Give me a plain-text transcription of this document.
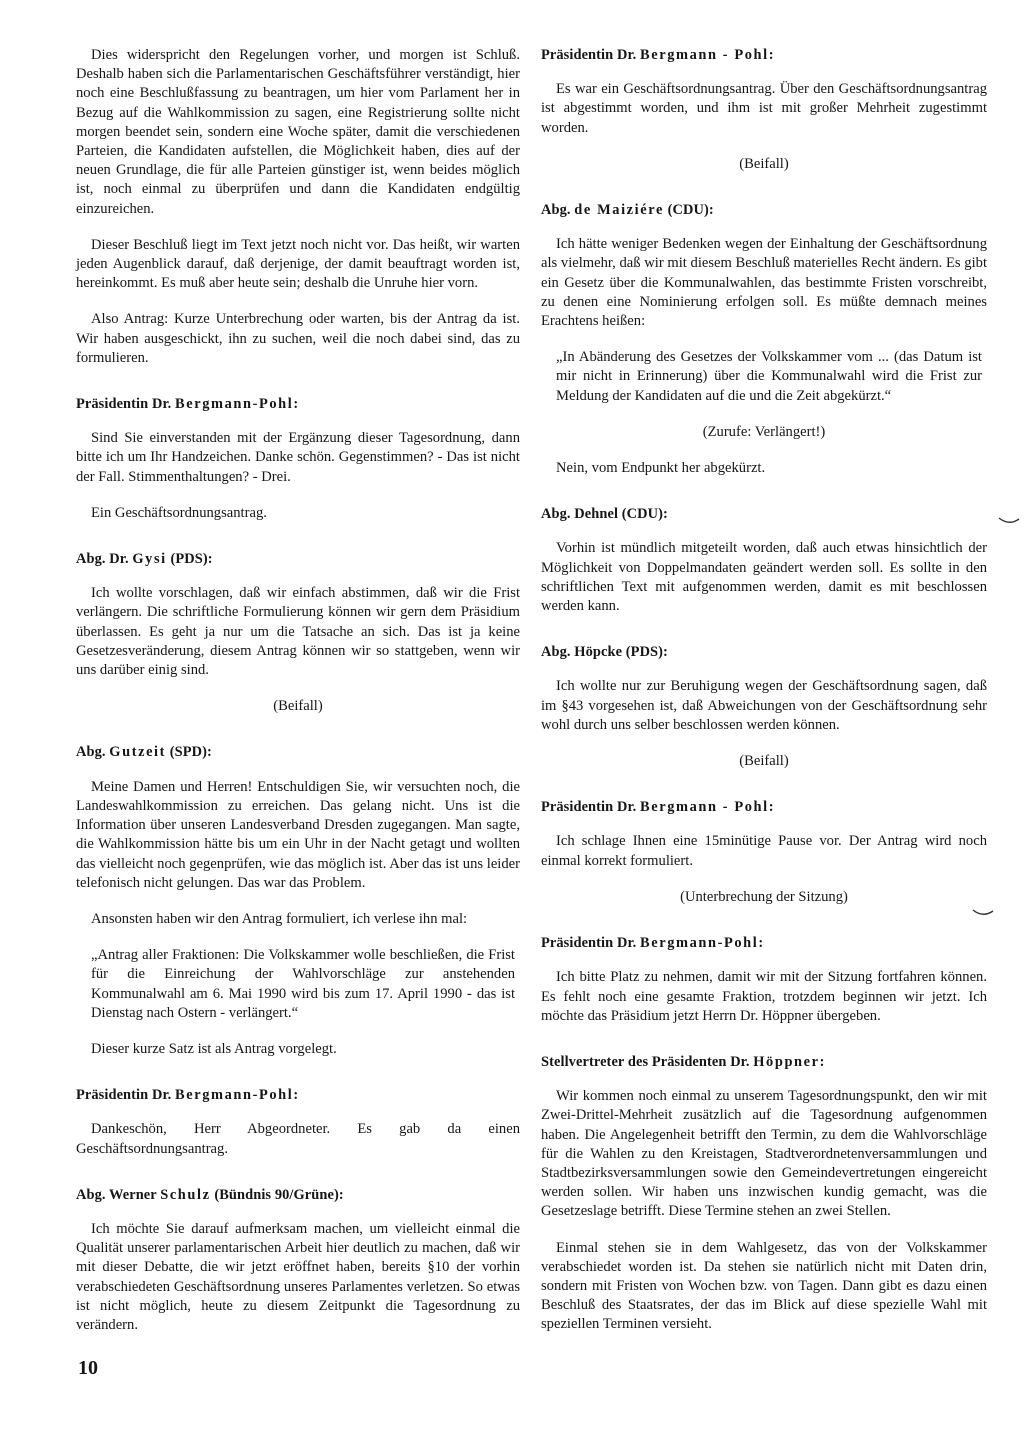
Dies widerspricht den Regelungen vorher, und morgen ist Schluß. Deshalb haben sich die Parlamentarischen Geschäftsführer verständigt, hier noch eine Beschlußfassung zu beantragen, um hier vom Parlament her in Bezug auf die Wahlkommission zu sagen, eine Registrierung sollte nicht morgen beendet sein, sondern eine Woche später, damit die verschiedenen Parteien, die Kandidaten aufstellen, die Möglichkeit haben, dies auf der neuen Grundlage, die für alle Parteien günstiger ist, wenn beides möglich ist, noch einmal zu überprüfen und dann die Kandidaten endgültig einzureichen.

Dieser Beschluß liegt im Text jetzt noch nicht vor. Das heißt, wir warten jeden Augenblick darauf, daß derjenige, der damit beauftragt worden ist, hereinkommt. Es muß aber heute sein; deshalb die Unruhe hier vorn.

Also Antrag: Kurze Unterbrechung oder warten, bis der Antrag da ist. Wir haben ausgeschickt, ihn zu suchen, weil die noch dabei sind, das zu formulieren.

Präsidentin Dr. Bergmann-Pohl:

Sind Sie einverstanden mit der Ergänzung dieser Tagesordnung, dann bitte ich um Ihr Handzeichen. Danke schön. Gegenstimmen? - Das ist nicht der Fall. Stimmenthaltungen? - Drei.

Ein Geschäftsordnungsantrag.

Abg. Dr. Gysi (PDS):

Ich wollte vorschlagen, daß wir einfach abstimmen, daß wir die Frist verlängern. Die schriftliche Formulierung können wir gern dem Präsidium überlassen. Es geht ja nur um die Tatsache an sich. Das ist ja keine Gesetzesveränderung, diesem Antrag können wir so stattgeben, wenn wir uns darüber einig sind.

(Beifall)

Abg. Gutzeit (SPD):

Meine Damen und Herren! Entschuldigen Sie, wir versuchten noch, die Landeswahlkommission zu erreichen. Das gelang nicht. Uns ist die Information über unseren Landesverband Dresden zugegangen. Man sagte, die Wahlkommission hätte bis um ein Uhr in der Nacht getagt und wollten das vielleicht noch gegenprüfen, wie das möglich ist. Aber das ist uns leider telefonisch nicht gelungen. Das war das Problem.

Ansonsten haben wir den Antrag formuliert, ich verlese ihn mal:

„Antrag aller Fraktionen: Die Volkskammer wolle beschließen, die Frist für die Einreichung der Wahlvorschläge zur anstehenden Kommunalwahl am 6. Mai 1990 wird bis zum 17. April 1990 - das ist Dienstag nach Ostern - verlängert.“

Dieser kurze Satz ist als Antrag vorgelegt.

Präsidentin Dr. Bergmann-Pohl:

Dankeschön, Herr Abgeordneter. Es gab da einen Geschäftsordnungsantrag.

Abg. Werner Schulz (Bündnis 90/Grüne):

Ich möchte Sie darauf aufmerksam machen, um vielleicht einmal die Qualität unserer parlamentarischen Arbeit hier deutlich zu machen, daß wir mit dieser Debatte, die wir jetzt eröffnet haben, bereits §10 der vorhin verabschiedeten Geschäftsordnung unseres Parlamentes verletzen. So etwas ist nicht möglich, heute zu diesem Zeitpunkt die Tagesordnung zu verändern.

Präsidentin Dr. Bergmann - Pohl:

Es war ein Geschäftsordnungsantrag. Über den Geschäftsordnungsantrag ist abgestimmt worden, und ihm ist mit großer Mehrheit zugestimmt worden.

(Beifall)

Abg. de Maiziére (CDU):

Ich hätte weniger Bedenken wegen der Einhaltung der Geschäftsordnung als vielmehr, daß wir mit diesem Beschluß materielles Recht ändern. Es gibt ein Gesetz über die Kommunalwahlen, das bestimmte Fristen vorschreibt, zu denen eine Nominierung erfolgen soll. Es müßte demnach meines Erachtens heißen:

„In Abänderung des Gesetzes der Volkskammer vom ... (das Datum ist mir nicht in Erinnerung) über die Kommunalwahl wird die Frist zur Meldung der Kandidaten auf die und die Zeit abgekürzt.“

(Zurufe: Verlängert!)

Nein, vom Endpunkt her abgekürzt.

Abg. Dehnel (CDU):

Vorhin ist mündlich mitgeteilt worden, daß auch etwas hinsichtlich der Möglichkeit von Doppelmandaten geändert werden soll. Es sollte in den schriftlichen Text mit aufgenommen werden, damit es mit beschlossen werden kann.

Abg. Höpcke (PDS):

Ich wollte nur zur Beruhigung wegen der Geschäftsordnung sagen, daß im §43 vorgesehen ist, daß Abweichungen von der Geschäftsordnung sehr wohl durch uns selber beschlossen werden können.

(Beifall)

Präsidentin Dr. Bergmann - Pohl:

Ich schlage Ihnen eine 15minütige Pause vor. Der Antrag wird noch einmal korrekt formuliert.

(Unterbrechung der Sitzung)

Präsidentin Dr. Bergmann-Pohl:

Ich bitte Platz zu nehmen, damit wir mit der Sitzung fortfahren können. Es fehlt noch eine gesamte Fraktion, trotzdem beginnen wir jetzt. Ich möchte das Präsidium jetzt Herrn Dr. Höppner übergeben.

Stellvertreter des Präsidenten Dr. Höppner:

Wir kommen noch einmal zu unserem Tagesordnungspunkt, den wir mit Zwei-Drittel-Mehrheit zusätzlich auf die Tagesordnung aufgenommen haben. Die Angelegenheit betrifft den Termin, zu dem die Wahlvorschläge für die Wahlen zu den Kreistagen, Stadtverordnetenversammlungen und Stadtbezirksversammlungen sowie den Gemeindevertretungen eingereicht werden sollen. Wir haben uns inzwischen kundig gemacht, was die Gesetzeslage betrifft. Diese Termine stehen an zwei Stellen.

Einmal stehen sie in dem Wahlgesetz, das von der Volkskammer verabschiedet worden ist. Da stehen sie natürlich nicht mit Daten drin, sondern mit Fristen von Wochen bzw. von Tagen. Dann gibt es dazu einen Beschluß des Staatsrates, der das im Blick auf diese spezielle Wahl mit speziellen Terminen versieht.

10
